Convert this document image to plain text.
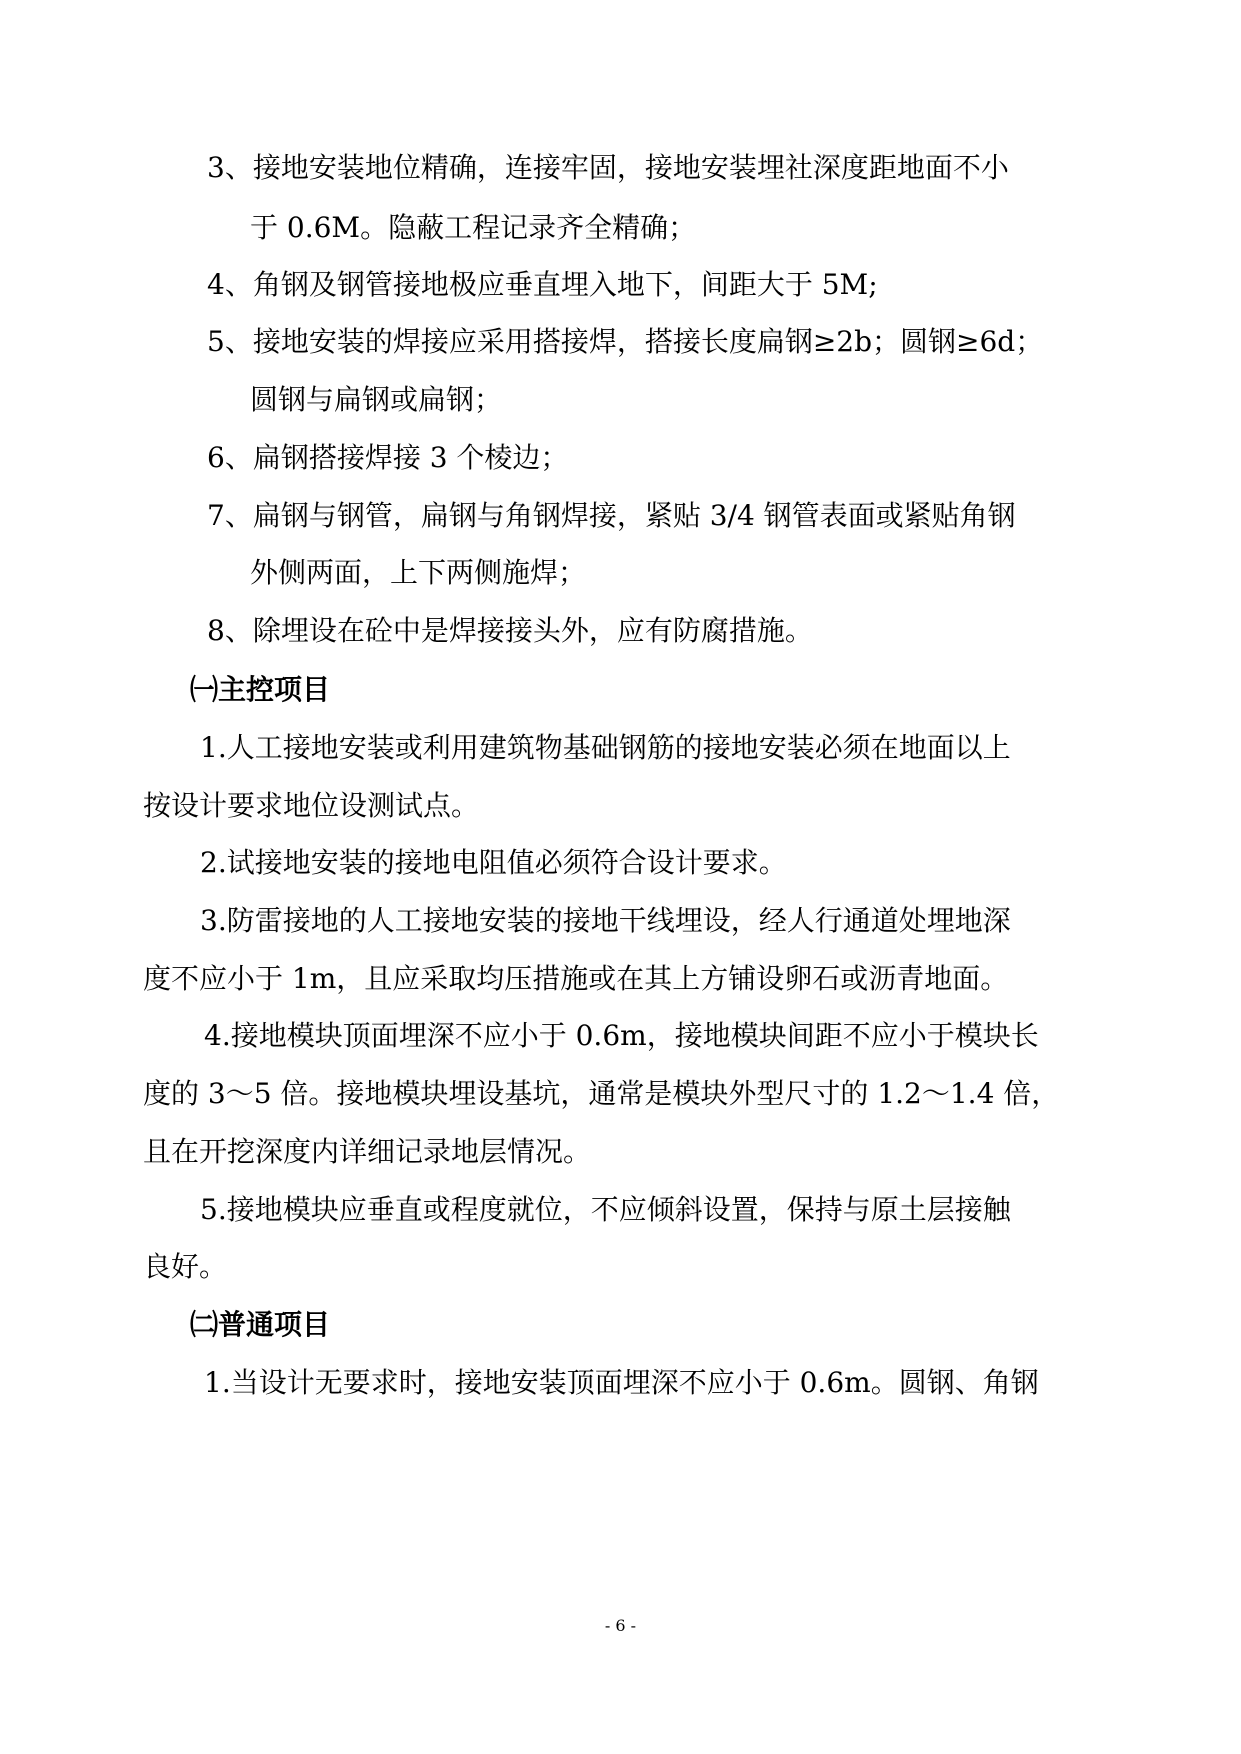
3、接地安装地位精确，连接牢固，接地安装埋社深度距地面不小
于 0.6M。隐蔽工程记录齐全精确；
4、角钢及钢管接地极应垂直埋入地下，间距大于 5M;
5、接地安装的焊接应采用搭接焊，搭接长度扁钢≥2b；圆钢≥6d；
圆钢与扁钢或扁钢；
6、扁钢搭接焊接 3 个棱边；
7、扁钢与钢管，扁钢与角钢焊接，紧贴 3/4 钢管表面或紧贴角钢
外侧两面，上下两侧施焊；
8、除埋设在砼中是焊接接头外，应有防腐措施。
㈠主控项目
1.人工接地安装或利用建筑物基础钢筋的接地安装必须在地面以上
按设计要求地位设测试点。
2.试接地安装的接地电阻值必须符合设计要求。
3.防雷接地的人工接地安装的接地干线埋设，经人行通道处埋地深
度不应小于 1m，且应采取均压措施或在其上方铺设卵石或沥青地面。
4.接地模块顶面埋深不应小于 0.6m，接地模块间距不应小于模块长
度的 3～5 倍。接地模块埋设基坑，通常是模块外型尺寸的 1.2～1.4 倍，
且在开挖深度内详细记录地层情况。
5.接地模块应垂直或程度就位，不应倾斜设置，保持与原土层接触
良好。
㈡普通项目
1.当设计无要求时，接地安装顶面埋深不应小于 0.6m。圆钢、角钢
- 6 -
